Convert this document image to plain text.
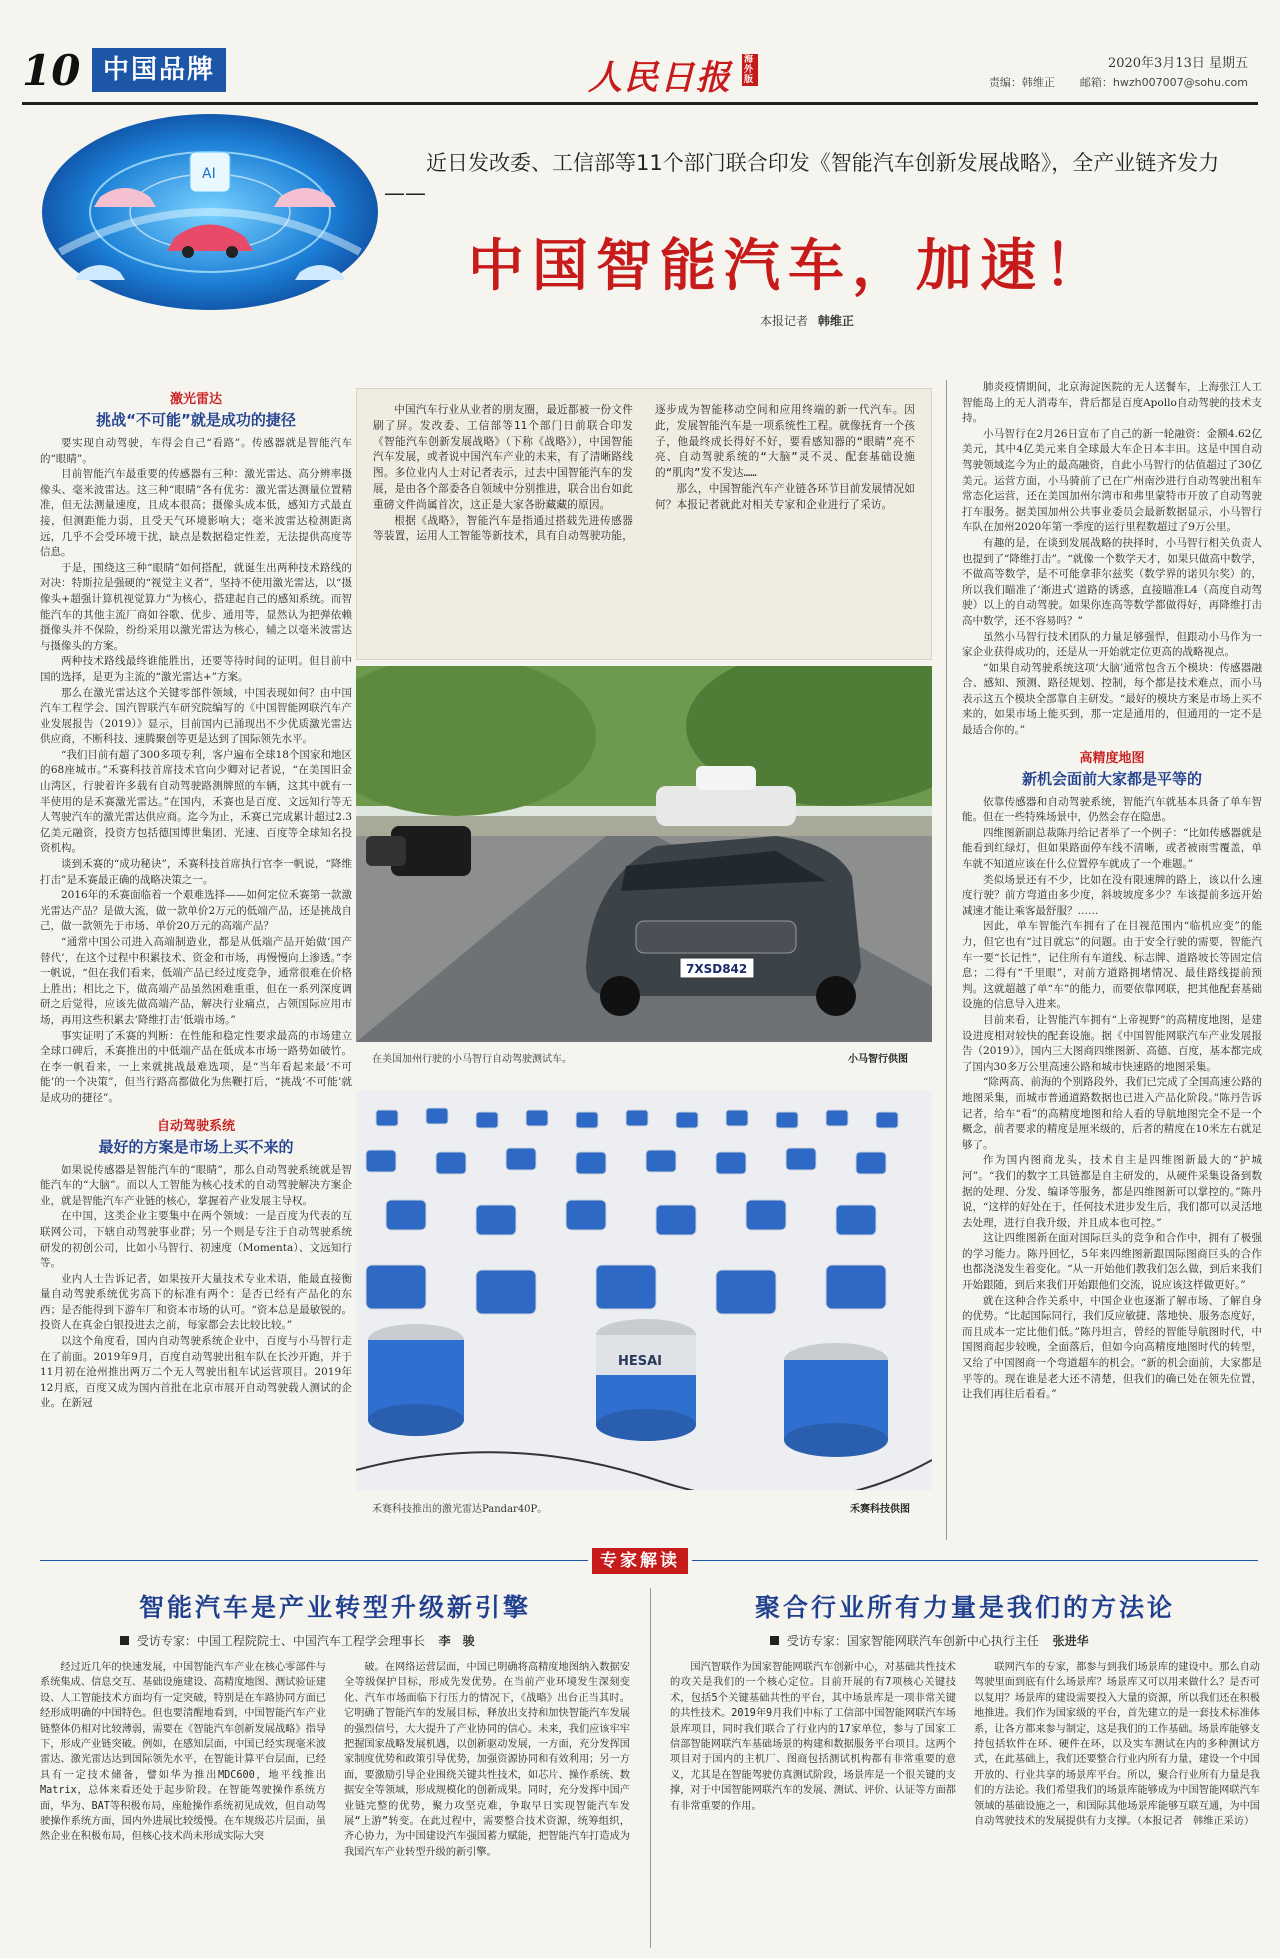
10 中国品牌	人民日报 海外版
2020年3月13日 星期五
责编：韩维正 邮箱：hwzh007007@sohu.com
AI	近日发改委、工信部等11个部门联合印发《智能汽车创新发展战略》，全产业链齐发力——
中国智能汽车，加速！
本报记者 韩维正
激光雷达
挑战“不可能”就是成功的捷径

要实现自动驾驶，车得会自己“看路”。传感器就是智能汽车的“眼睛”。

目前智能汽车最重要的传感器有三种：激光雷达、高分辨率摄像头、毫米波雷达。这三种“眼睛”各有优劣：激光雷达测量位置精准，但无法测量速度，且成本很高；摄像头成本低，感知方式最直接，但测距能力弱，且受天气环境影响大；毫米波雷达检测距离远，几乎不会受环境干扰，缺点是数据稳定性差，无法提供高度等信息。

于是，围绕这三种“眼睛”如何搭配，就诞生出两种技术路线的对决：特斯拉是强硬的“视觉主义者”，坚持不使用激光雷达，以“摄像头+超强计算机视觉算力”为核心，搭建起自己的感知系统。而智能汽车的其他主流厂商如谷歌、优步、通用等，显然认为把弹依赖摄像头并不保险，纷纷采用以激光雷达为核心，辅之以毫米波雷达与摄像头的方案。

两种技术路线最终谁能胜出，还要等待时间的证明。但目前中国的选择，是更为主流的“激光雷达+”方案。

那么在激光雷达这个关键零部件领域，中国表现如何？由中国汽车工程学会、国汽智联汽车研究院编写的《中国智能网联汽车产业发展报告（2019）》显示，目前国内已涌现出不少优质激光雷达供应商，不断科技、速腾聚创等更是达到了国际领先水平。

“我们目前有超了300多项专利，客户遍布全球18个国家和地区的68座城市。”禾赛科技首席技术官向少卿对记者说，“在美国旧金山湾区，行驶着许多载有自动驾驶路测牌照的车辆，这其中就有一半使用的是禾赛激光雷达。”在国内，禾赛也是百度、文远知行等无人驾驶汽车的激光雷达供应商。迄今为止，禾赛已完成累计超过2.3亿美元融资，投资方包括德国博世集团、光速、百度等全球知名投资机构。

谈到禾赛的“成功秘诀”，禾赛科技首席执行官李一帆说，“降维打击”是禾赛最正确的战略决策之一。

2016年的禾赛面临着一个艰难选择——如何定位禾赛第一款激光雷达产品？是做大流，做一款单价2万元的低端产品，还是挑战自己，做一款领先于市场、单价20万元的高端产品？

“通常中国公司进入高端制造业，都是从低端产品开始做‘国产替代’，在这个过程中积累技术、资金和市场，再慢慢向上渗透。”李一帆说，“但在我们看来，低端产品已经过度竞争，通常很难在价格上胜出；相比之下，做高端产品虽然困难重重，但在一系列深度调研之后觉得，应该先做高端产品，解决行业痛点，占领国际应用市场，再用这些积累去‘降维打击’低端市场。”

事实证明了禾赛的判断：在性能和稳定性要求最高的市场建立全球口碑后，禾赛推出的中低端产品在低成本市场一路势如破竹。在李一帆看来，一上来就挑战最难选项，是“当年看起来最‘不可能’的一个决策”，但当行路高都做化为焦鞭打后，“挑战‘不可能’就是成功的捷径”。

自动驾驶系统
最好的方案是市场上买不来的

如果说传感器是智能汽车的“眼睛”，那么自动驾驶系统就是智能汽车的“大脑”。而以人工智能为核心技术的自动驾驶解决方案企业，就是智能汽车产业链的核心，掌握着产业发展主导权。

在中国，这类企业主要集中在两个领域：一是百度为代表的互联网公司，下辖自动驾驶事业群；另一个则是专注于自动驾驶系统研发的初创公司，比如小马智行、初速度（Momenta）、文远知行等。

业内人士告诉记者，如果按开大量技术专业术语，能最直接衡量自动驾驶系统优劣高下的标准有两个：是否已经有产品化的东西；是否能得到下游车厂和资本市场的认可。“资本总是最敏锐的。投资人在真金白银投进去之前，每家都会去比较比较。”

以这个角度看，国内自动驾驶系统企业中，百度与小马智行走在了前面。2019年9月，百度自动驾驶出租车队在长沙开跑，并于11月初在沧州推出两万二个无人驾驶出租车试运营项目。2019年12月底，百度又成为国内首批在北京市展开自动驾驶载人测试的企业。在新冠

中国汽车行业从业者的朋友圈，最近都被一份文件刷了屏。发改委、工信部等11个部门日前联合印发《智能汽车创新发展战略》（下称《战略》），中国智能汽车发展，或者说中国汽车产业的未来，有了清晰路线图。多位业内人士对记者表示，过去中国智能汽车的发展，是由各个部委各自领域中分别推进，联合出台如此重磅文件尚属首次，这正是大家各盼藏藏的原因。

根据《战略》，智能汽车是指通过搭载先进传感器等装置，运用人工智能等新技术，具有自动驾驶功能，逐步成为智能移动空间和应用终端的新一代汽车。因此，发展智能汽车是一项系统性工程。就像抚育一个孩子，他最终成长得好不好，要看感知器的“眼睛”亮不亮、自动驾驶系统的“大脑”灵不灵、配套基础设施的“肌肉”发不发达……

那么，中国智能汽车产业链各环节目前发展情况如何？本报记者就此对相关专家和企业进行了采访。

7XSD842
在美国加州行驶的小马智行自动驾驶测试车。	小马智行供图
HESAI
禾赛科技推出的激光雷达Pandar40P。	禾赛科技供图

肺炎疫情期间，北京海淀医院的无人送餐车，上海张江人工智能岛上的无人消毒车，背后都是百度Apollo自动驾驶的技术支持。

小马智行在2月26日宣布了自己的新一轮融资：金额4.62亿美元，其中4亿美元来自全球最大车企日本丰田。这是中国自动驾驶领域迄今为止的最高融资，自此小马智行的估值超过了30亿美元。运营方面，小马骑前了已在广州南沙进行自动驾驶出租车常态化运营，还在美国加州尔湾市和弗里蒙特市开放了自动驾驶打车服务。据美国加州公共事业委员会最新数据显示，小马智行车队在加州2020年第一季度的运行里程数超过了9万公里。

有趣的是，在谈到发展战略的抉择时，小马智行相关负责人也提到了“降维打击”。“就像一个数学天才，如果只做高中数学，不做高等数学，是不可能拿菲尔兹奖（数学界的诺贝尔奖）的，所以我们瞄准了‘渐进式’道路的诱惑，直接瞄准L4（高度自动驾驶）以上的自动驾驶。如果你连高等数学都做得好，再降维打击高中数学，还不容易吗？”

虽然小马智行技术团队的力量足够强悍，但跟动小马作为一家企业获得成功的，还是从一开始就定位更高的战略视点。

“如果自动驾驶系统这项‘大脑’通常包含五个模块：传感器融合、感知、预测、路径规划、控制，每个都是技术难点，而小马表示这五个模块全部靠自主研发。“最好的模块方案是市场上买不来的，如果市场上能买到，那一定是通用的，但通用的一定不是最适合你的。”

高精度地图
新机会面前大家都是平等的

依靠传感器和自动驾驶系统，智能汽车就基本具备了单车智能。但在一些特殊场景中，仍然会存在隐患。

四维图新副总裁陈丹给记者举了一个例子：“比如传感器就是能看到红绿灯，但如果路面停车线不清晰，或者被雨雪覆盖，单车就不知道应该在什么位置停车就成了一个难题。”

类似场景还有不少，比如在没有限速牌的路上，该以什么速度行驶？前方弯道由多少度，斜坡坡度多少？车该提前多远开始减速才能让乘客最舒服？……

因此，单车智能汽车拥有了在目视范围内“临机应变”的能力，但它也有“过目就忘”的问题。由于安全行驶的需要，智能汽车一要“长记性”，记住所有车道线、标志牌、道路坡长等固定信息；二得有“千里眼”，对前方道路拥堵情况、最佳路线提前预判。这就超越了单“车”的能力，而要依靠网联，把其他配套基础设施的信息导入进来。

目前来看，让智能汽车拥有“上帝视野”的高精度地图，是建设进度相对较快的配套设施。据《中国智能网联汽车产业发展报告（2019）》，国内三大图商四维图新、高德、百度，基本都完成了国内30多万公里高速公路和城市快速路的地图采集。

“除两高、前海的个别路段外，我们已完成了全国高速公路的地图采集，而城市普通道路数据也已进入产品化阶段。”陈丹告诉记者，给车“看”的高精度地图和给人看的导航地图完全不是一个概念，前者要求的精度是厘米级的，后者的精度在10米左右就足够了。

作为国内图商龙头，技术自主是四维图新最大的“护城河”。“我们的数字工具链都是自主研发的，从硬件采集设备到数据的处理、分发、编译等服务，都是四维图新可以掌控的。”陈丹说，“这样的好处在于，任何技术进步发生后，我们都可以灵活地去处理，进行自我升级，并且成本也可控。”

这让四维图新在面对国际巨头的竞争和合作中，拥有了极强的学习能力。陈丹回忆，5年来四维图新跟国际图商巨头的合作也都浇浇发生着变化。“从一开始他们教我们怎么做，到后来我们开始跟随，到后来我们开始跟他们交流，说应该这样做更好。”

就在这种合作关系中，中国企业也逐渐了解市场、了解自身的优势。“比起国际同行，我们反应敏捷、落地快、服务态度好，而且成本一定比他们低。”陈丹坦言，曾经的智能导航图时代，中国图商起步较晚，全面落后，但如今向高精度地图时代的转型，又给了中国图商一个弯道超车的机会。“新的机会面前，大家都是平等的。现在谁是老大还不清楚，但我们的确已处在领先位置，让我们再往后看看。”

专家解读
智能汽车是产业转型升级新引擎
受访专家：中国工程院院士、中国汽车工程学会理事长 李　骏

经过近几年的快速发展，中国智能汽车产业在核心零部件与系统集成、信息交互、基础设施建设、高精度地图、测试验证建设、人工智能技术方面均有一定突破，特别是在车路协同方面已经形成明确的中国特色。但也要清醒地看到，中国智能汽车产业链整体仍相对比较薄弱，需要在《智能汽车创新发展战略》指导下，形成产业链突破。例如，在感知层面，中国已经实现毫米波雷达、激光雷达达到国际领先水平，在智能计算平台层面，已经具有一定技术储备，譬如华为推出MDC600，地平线推出Matrix，总体来看还处于起步阶段。在智能驾驶操作系统方面，华为、BAT等积极布局，座舱操作系统初见成效，但自动驾驶操作系统方面，国内外进展比较缓慢。在车规级芯片层面，虽然企业在积极布局，但核心技术尚未形成实际大突

破。在网络运营层面，中国已明确将高精度地图纳入数据安全等级保护目标，形成先发优势。在当前产业环境发生深刻变化、汽车市场面临下行压力的情况下，《战略》出台正当其时。它明确了智能汽车的发展目标，释放出支持和加快智能汽车发展的强烈信号，大大提升了产业协同的信心。未来，我们应该牢牢把握国家战略发展机遇，以创新驱动发展，一方面，充分发挥国家制度优势和政策引导优势，加强资源协同和有效利用；另一方面，要激励引导企业围绕关键共性技术，如芯片、操作系统、数据安全等领域，形成规模化的创新成果。同时，充分发挥中国产业链完整的优势，聚力攻坚克难，争取早日实现智能汽车发展“上游”转变。在此过程中，需要整合技术资源，统筹组织，齐心协力，为中国建设汽车强国蓄力赋能，把智能汽车打造成为我国汽车产业转型升级的新引擎。

聚合行业所有力量是我们的方法论
受访专家：国家智能网联汽车创新中心执行主任 张进华

国汽智联作为国家智能网联汽车创新中心，对基础共性技术的攻关是我们的一个核心定位。目前开展的有7项核心关键技术，包括5个关键基础共性的平台，其中场景库是一项非常关键的共性技术。2019年9月我们中标了工信部中国智能网联汽车场景库项目，同时我们联合了行业内的17家单位，参与了国家工信部智能网联汽车基础场景的构建和数据服务平台项目。这两个项目对于国内的主机厂、图商包括测试机构都有非常重要的意义，尤其是在智能驾驶仿真测试阶段，场景库是一个很关键的支撑，对于中国智能网联汽车的发展、测试、评价、认证等方面都有非常重要的作用。

联网汽车的专家，都参与到我们场景库的建设中。那么自动驾驶里面到底有什么场景库？场景库又可以用来做什么？是否可以复用？场景库的建设需要投入大量的资源，所以我们还在积极地推进。我们作为国家级的平台，首先建立的是一套技术标准体系，让各方都来参与制定，这是我们的工作基础。场景库能够支持包括软件在环、硬件在环，以及实车测试在内的多种测试方式，在此基础上，我们还要整合行业内所有力量，建设一个中国开放的、行业共享的场景库平台。所以，聚合行业所有力量是我们的方法论。我们希望我们的场景库能够成为中国智能网联汽车领域的基础设施之一，和国际其他场景库能够互联互通，为中国自动驾驶技术的发展提供有力支撑。（本报记者　韩维正采访）
